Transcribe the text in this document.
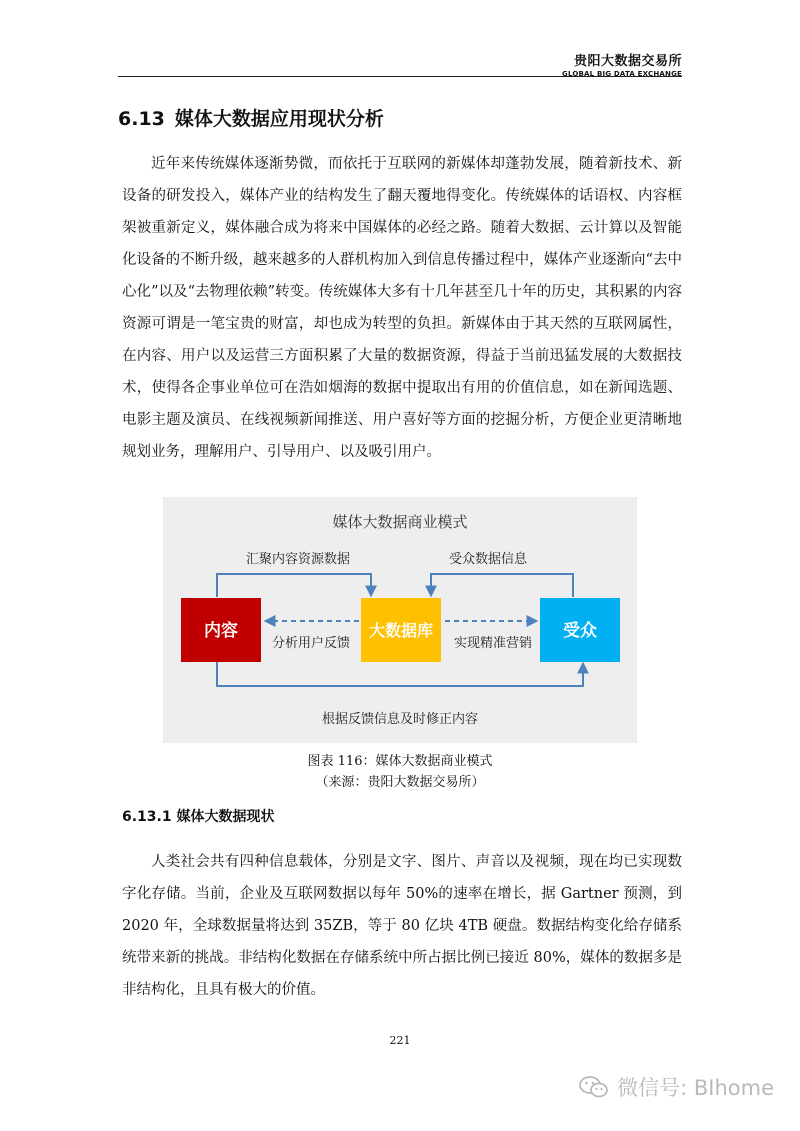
贵阳大数据交易所
GLOBAL BIG DATA EXCHANGE
6.13 媒体大数据应用现状分析

近年来传统媒体逐渐势微，而依托于互联网的新媒体却蓬勃发展，随着新技术、新设备的研发投入，媒体产业的结构发生了翻天覆地得变化。传统媒体的话语权、内容框架被重新定义，媒体融合成为将来中国媒体的必经之路。随着大数据、云计算以及智能化设备的不断升级，越来越多的人群机构加入到信息传播过程中，媒体产业逐渐向“去中心化”以及“去物理依赖”转变。传统媒体大多有十几年甚至几十年的历史，其积累的内容资源可谓是一笔宝贵的财富，却也成为转型的负担。新媒体由于其天然的互联网属性，在内容、用户以及运营三方面积累了大量的数据资源，得益于当前迅猛发展的大数据技术，使得各企事业单位可在浩如烟海的数据中提取出有用的价值信息，如在新闻选题、电影主题及演员、在线视频新闻推送、用户喜好等方面的挖掘分析，方便企业更清晰地规划业务，理解用户、引导用户、以及吸引用户。

媒体大数据商业模式
汇聚内容资源数据	受众数据信息
分析用户反馈	实现精准营销
根据反馈信息及时修正内容
内容	大数据库	受众
图表 116：媒体大数据商业模式
（来源：贵阳大数据交易所）
6.13.1 媒体大数据现状

人类社会共有四种信息载体，分别是文字、图片、声音以及视频，现在均已实现数字化存储。当前，企业及互联网数据以每年 50%的速率在增长，据 Gartner 预测，到 2020 年，全球数据量将达到 35ZB，等于 80 亿块 4TB 硬盘。数据结构变化给存储系统带来新的挑战。非结构化数据在存储系统中所占据比例已接近 80%，媒体的数据多是非结构化，且具有极大的价值。

221
微信号: BIhome
